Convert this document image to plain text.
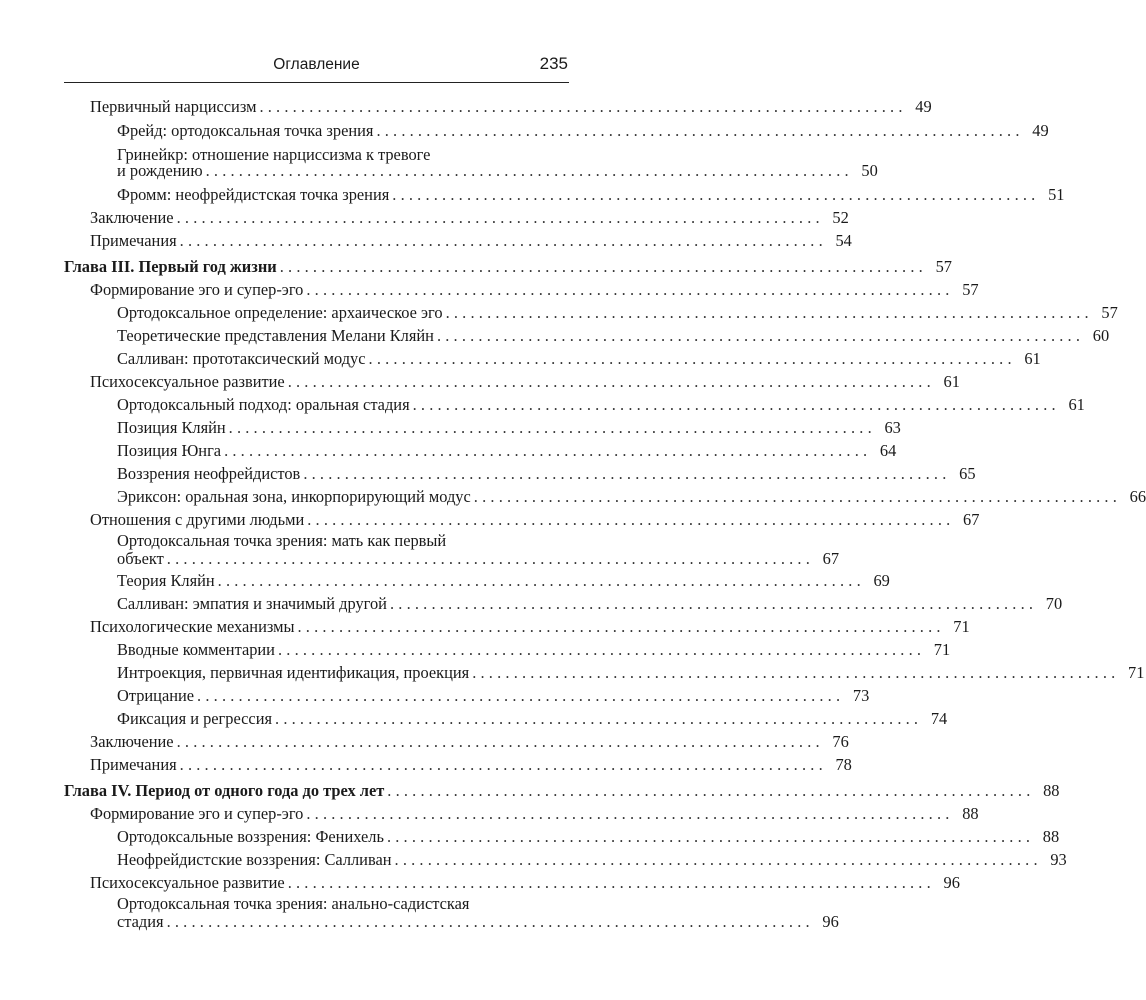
Оглавление	235
Первичный нарциссизм .............................................................................. 49
Фрейд: ортодоксальная точка зрения .............................................................................. 49
Гринейкр: отношение нарциссизма к тревоге
и рождению .............................................................................. 50
Фромм: неофрейдистская точка зрения .............................................................................. 51
Заключение .............................................................................. 52
Примечания .............................................................................. 54
Глава III. Первый год жизни .............................................................................. 57
Формирование эго и супер-эго .............................................................................. 57
Ортодоксальное определение: архаическое эго .............................................................................. 57
Теоретические представления Мелани Кляйн .............................................................................. 60
Салливан: прототаксический модус .............................................................................. 61
Психосексуальное развитие .............................................................................. 61
Ортодоксальный подход: оральная стадия .............................................................................. 61
Позиция Кляйн .............................................................................. 63
Позиция Юнга .............................................................................. 64
Воззрения неофрейдистов .............................................................................. 65
Эриксон: оральная зона, инкорпорирующий модус .............................................................................. 66
Отношения с другими людьми .............................................................................. 67
Ортодоксальная точка зрения: мать как первый
объект .............................................................................. 67
Теория Кляйн .............................................................................. 69
Салливан: эмпатия и значимый другой .............................................................................. 70
Психологические механизмы .............................................................................. 71
Вводные комментарии .............................................................................. 71
Интроекция, первичная идентификация, проекция .............................................................................. 71
Отрицание .............................................................................. 73
Фиксация и регрессия .............................................................................. 74
Заключение .............................................................................. 76
Примечания .............................................................................. 78
Глава IV. Период от одного года до трех лет .............................................................................. 88
Формирование эго и супер-эго .............................................................................. 88
Ортодоксальные воззрения: Фенихель .............................................................................. 88
Неофрейдистские воззрения: Салливан .............................................................................. 93
Психосексуальное развитие .............................................................................. 96
Ортодоксальная точка зрения: анально-садистская
стадия .............................................................................. 96
